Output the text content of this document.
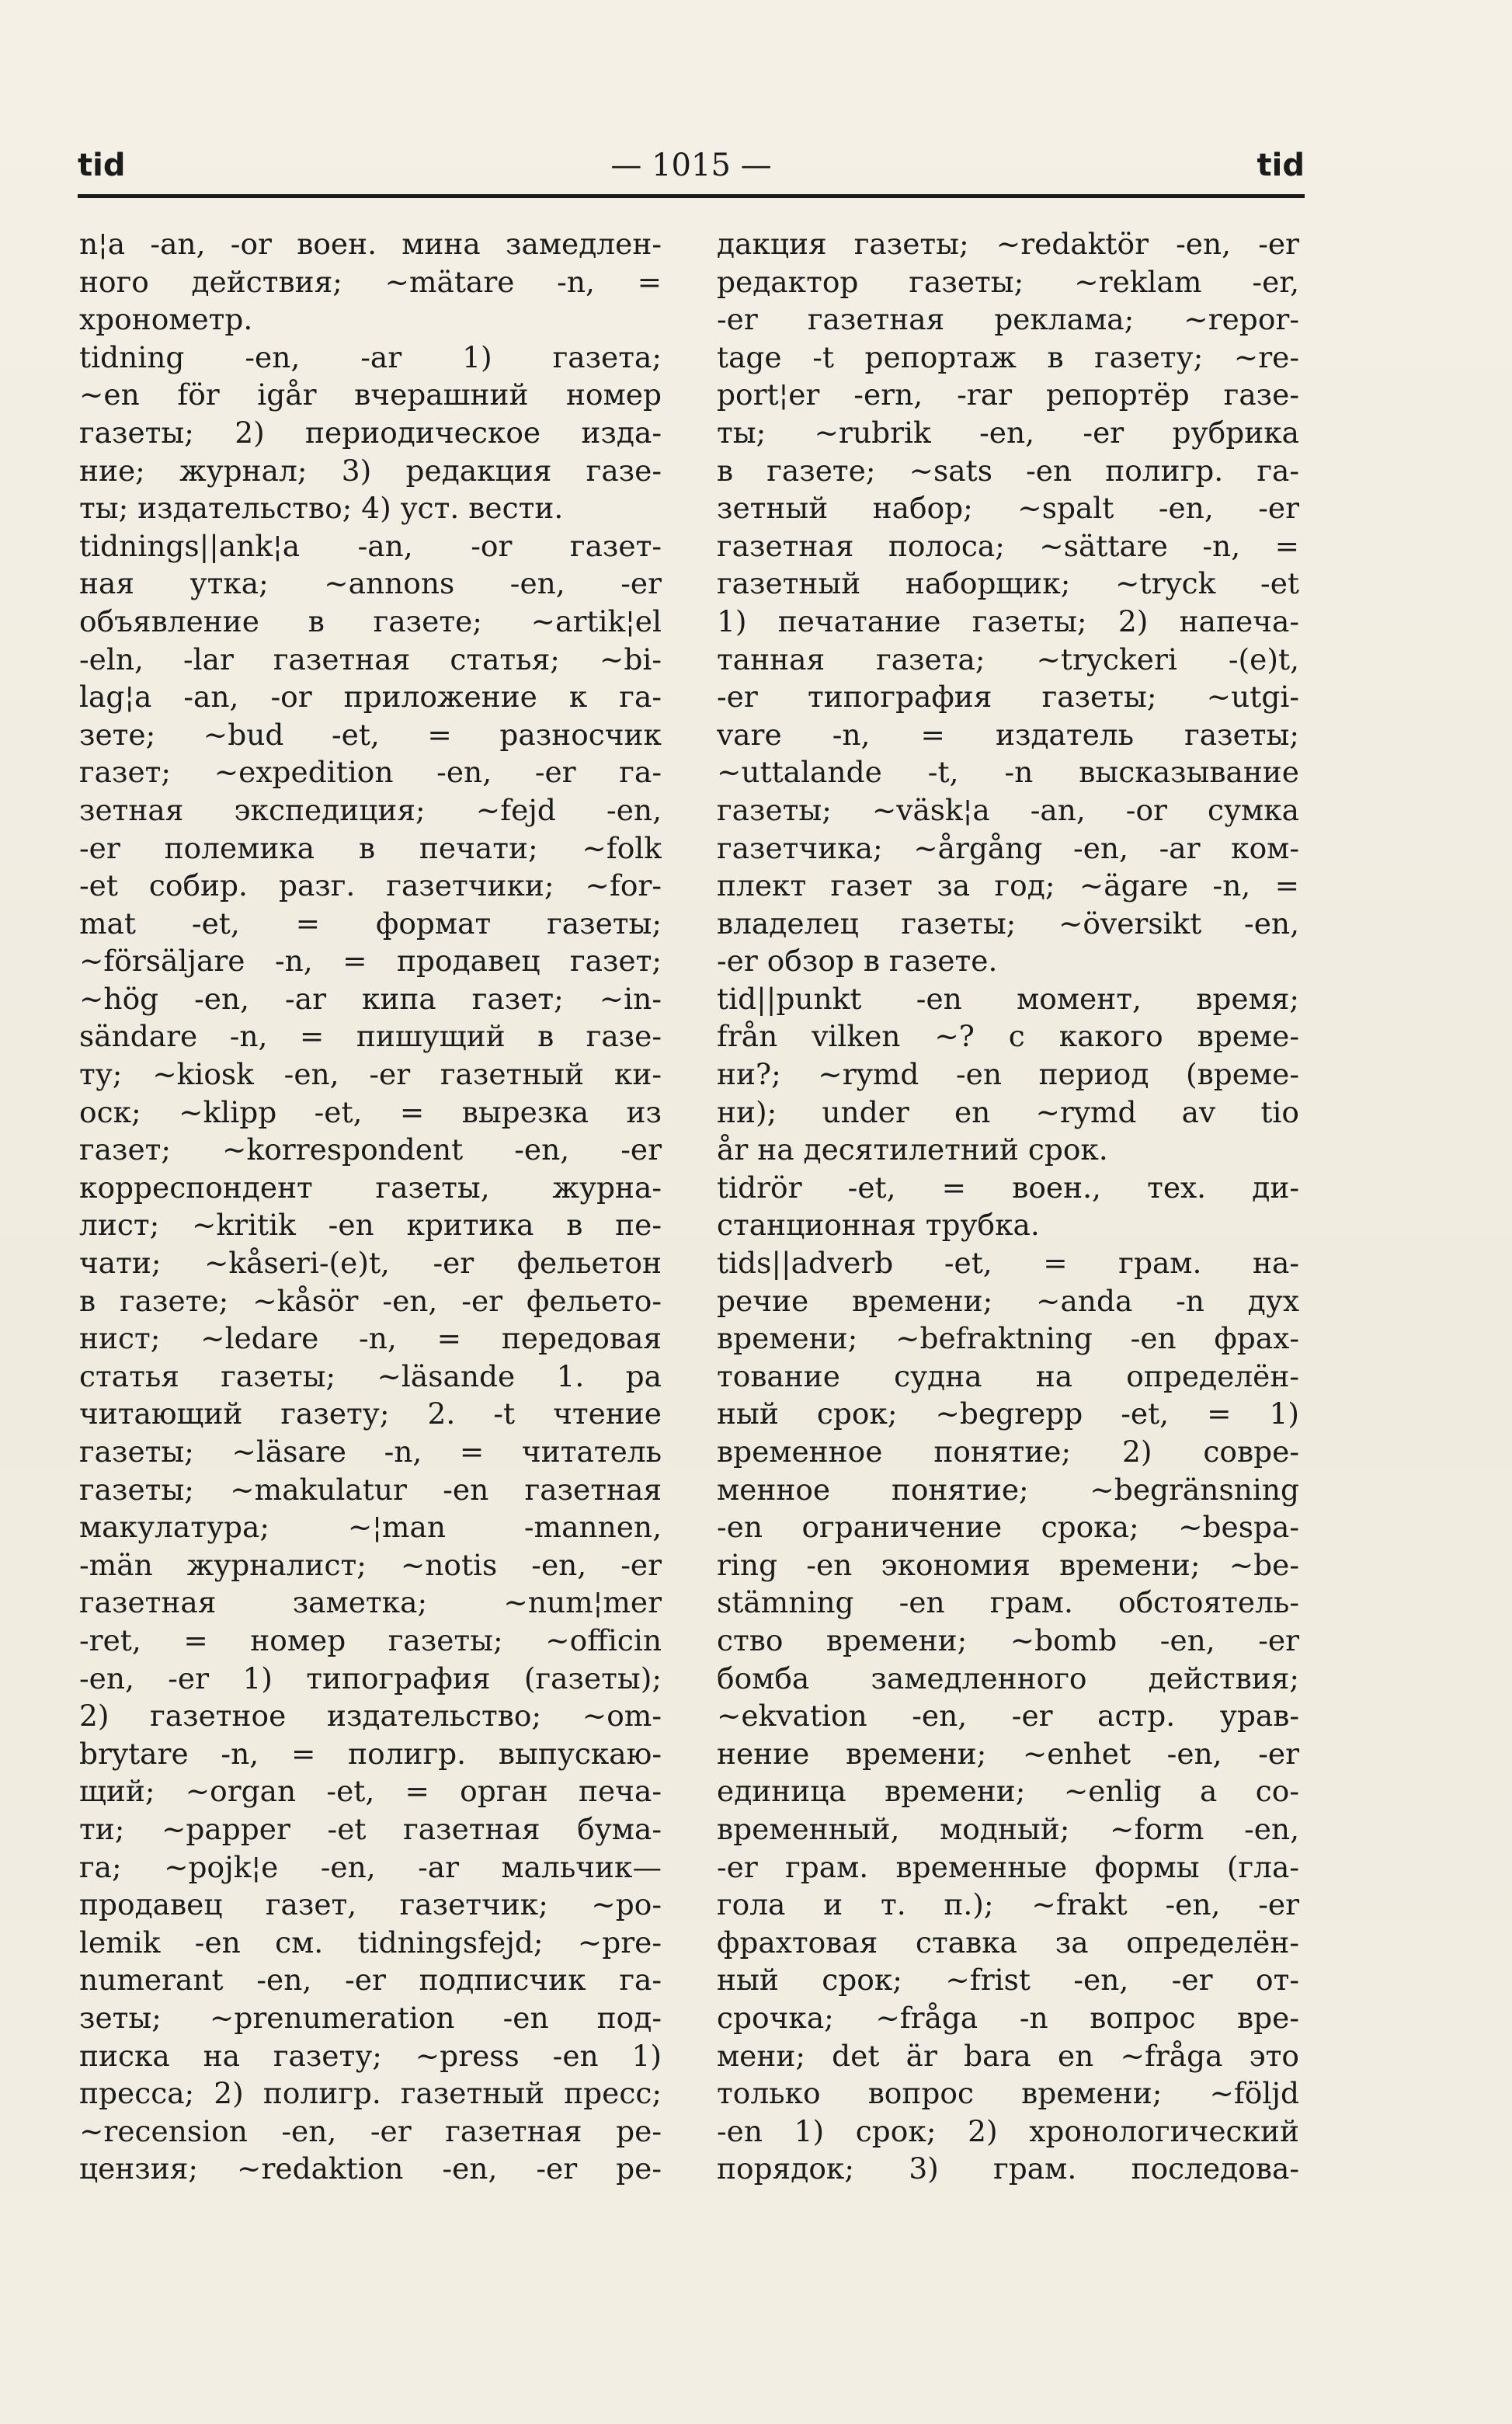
tid	— 1015 —	tid
n¦a -an, -or воен. мина замедлен-
ного действия; ~mätare -n, =
хронометр.
tidning -en, -ar 1) газета;
~en för igår вчерашний номер
газеты; 2) периодическое изда-
ние; журнал; 3) редакция газе-
ты; издательство; 4) уст. вести.
tidnings||ank¦a -an, -or газет-
ная утка; ~annons -en, -er
объявление в газете; ~artik¦el
-eln, -lar газетная статья; ~bi-
lag¦a -an, -or приложение к га-
зете; ~bud -et, = разносчик
газет; ~expedition -en, -er га-
зетная экспедиция; ~fejd -en,
-er полемика в печати; ~folk
-et собир. разг. газетчики; ~for-
mat -et, = формат газеты;
~försäljare -n, = продавец газет;
~hög -en, -ar кипа газет; ~in-
sändare -n, = пишущий в газе-
ту; ~kiosk -en, -er газетный ки-
оск; ~klipp -et, = вырезка из
газет; ~korrespondent -en, -er
корреспондент газеты, журна-
лист; ~kritik -en критика в пе-
чати; ~kåseri-(e)t, -er фельетон
в газете; ~kåsör -en, -er фельето-
нист; ~ledare -n, = передовая
статья газеты; ~läsande 1. pa
читающий газету; 2. -t чтение
газеты; ~läsare -n, = читатель
газеты; ~makulatur -en газетная
макулатура; ~¦man -mannen,
-män журналист; ~notis -en, -er
газетная заметка; ~num¦mer
-ret, = номер газеты; ~officin
-en, -er 1) типография (газеты);
2) газетное издательство; ~om-
brytare -n, = полигр. выпускаю-
щий; ~organ -et, = орган печа-
ти; ~papper -et газетная бума-
га; ~pojk¦e -en, -ar мальчик—
продавец газет, газетчик; ~po-
lemik -en см. tidningsfejd; ~pre-
numerant -en, -er подписчик га-
зеты; ~prenumeration -en под-
писка на газету; ~press -en 1)
пресса; 2) полигр. газетный пресс;
~recension -en, -er газетная ре-
цензия; ~redaktion -en, -er ре-
дакция газеты; ~redaktör -en, -er
редактор газеты; ~reklam -er,
-er газетная реклама; ~repor-
tage -t репортаж в газету; ~re-
port¦er -ern, -rar репортёр газе-
ты; ~rubrik -en, -er рубрика
в газете; ~sats -en полигр. га-
зетный набор; ~spalt -en, -er
газетная полоса; ~sättare -n, =
газетный наборщик; ~tryck -et
1) печатание газеты; 2) напеча-
танная газета; ~tryckeri -(e)t,
-er типография газеты; ~utgi-
vare -n, = издатель газеты;
~uttalande -t, -n высказывание
газеты; ~väsk¦a -an, -or сумка
газетчика; ~årgång -en, -ar ком-
плект газет за год; ~ägare -n, =
владелец газеты; ~översikt -en,
-er обзор в газете.
tid||punkt -en момент, время;
från vilken ~? с какого време-
ни?; ~rymd -en период (време-
ни); under en ~rymd av tio
år на десятилетний срок.
tidrör -et, = воен., тех. ди-
станционная трубка.
tids||adverb -et, = грам. на-
речие времени; ~anda -n дух
времени; ~befraktning -en фрах-
тование судна на определён-
ный срок; ~begrepp -et, = 1)
временное понятие; 2) совре-
менное понятие; ~begränsning
-en ограничение срока; ~bespa-
ring -en экономия времени; ~be-
stämning -en грам. обстоятель-
ство времени; ~bomb -en, -er
бомба замедленного действия;
~ekvation -en, -er астр. урав-
нение времени; ~enhet -en, -er
единица времени; ~enlig a со-
временный, модный; ~form -en,
-er грам. временные формы (гла-
гола и т. п.); ~frakt -en, -er
фрахтовая ставка за определён-
ный срок; ~frist -en, -er от-
срочка; ~fråga -n вопрос вре-
мени; det är bara en ~fråga это
только вопрос времени; ~följd
-en 1) срок; 2) хронологический
порядок; 3) грам. последова-
